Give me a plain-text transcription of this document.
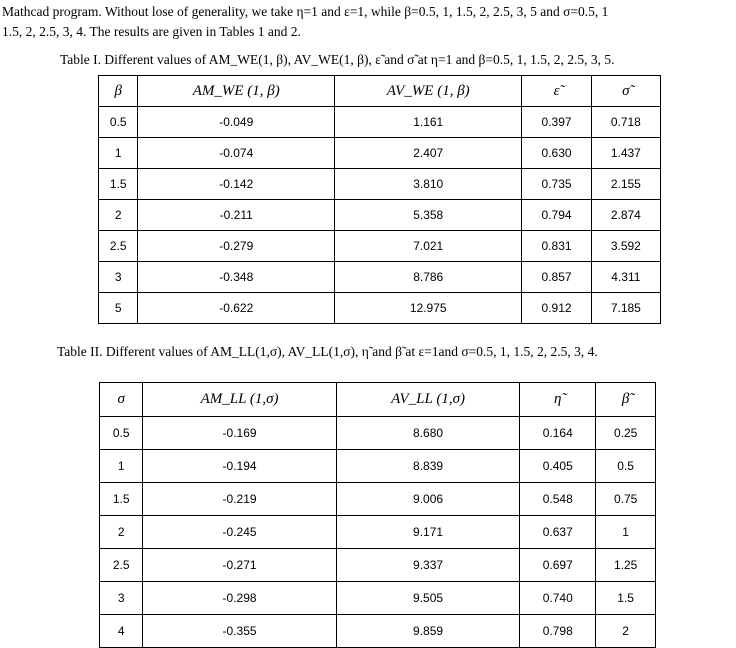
Mathcad program. Without lose of generality, we take η=1 and ε=1, while β=0.5, 1, 1.5, 2, 2.5, 3, 5 and σ=0.5, 1
1.5, 2, 2.5, 3, 4. The results are given in Tables 1 and 2.
Table I. Different values of AM_WE(1, β), AV_WE(1, β), ε̃ and σ̃ at η=1 and β=0.5, 1, 1.5, 2, 2.5, 3, 5.
β	AM_WE (1, β)	AV_WE (1, β)	ε̃	σ̃
0.5	-0.049	1.161	0.397	0.718
1	-0.074	2.407	0.630	1.437
1.5	-0.142	3.810	0.735	2.155
2	-0.211	5.358	0.794	2.874
2.5	-0.279	7.021	0.831	3.592
3	-0.348	8.786	0.857	4.311
5	-0.622	12.975	0.912	7.185
Table II. Different values of AM_LL(1,σ), AV_LL(1,σ), η̃ and β̃ at ε=1and σ=0.5, 1, 1.5, 2, 2.5, 3, 4.
σ	AM_LL (1,σ)	AV_LL (1,σ)	η̃	β̃
0.5	-0.169	8.680	0.164	0.25
1	-0.194	8.839	0.405	0.5
1.5	-0.219	9.006	0.548	0.75
2	-0.245	9.171	0.637	1
2.5	-0.271	9.337	0.697	1.25
3	-0.298	9.505	0.740	1.5
4	-0.355	9.859	0.798	2
